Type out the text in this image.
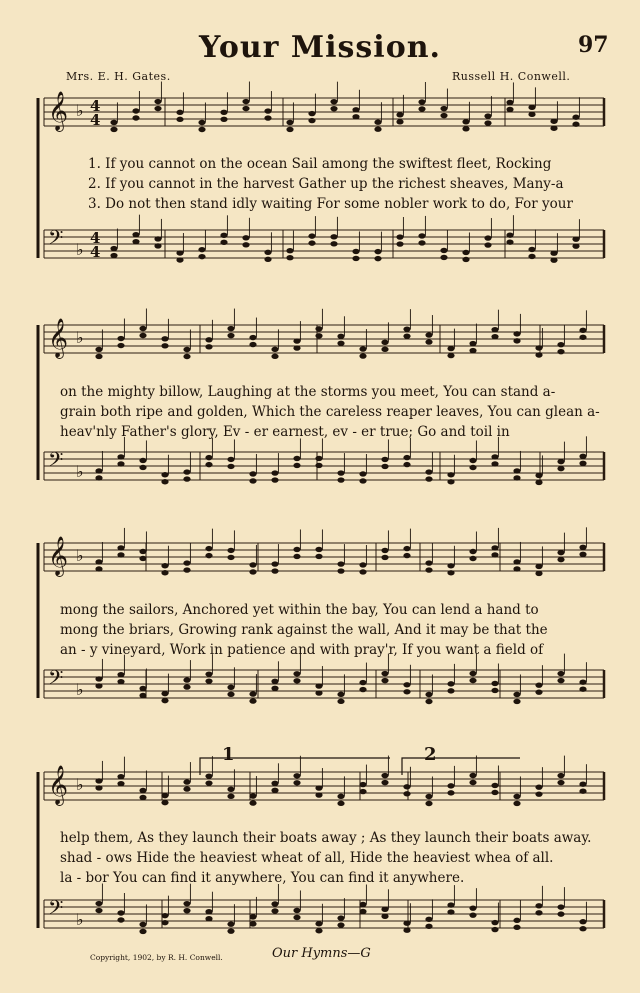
97
Your Mission.
Mrs. E. H. Gates.	Russell H. Conwell.
𝄞 ♭ 4
4
𝄢 ♭
4
4
𝄞 ♭
𝄢 ♭
𝄞 ♭
𝄢 ♭
𝄞 ♭
𝄢 ♭
1. If you cannot on the ocean Sail among the swiftest fleet, Rocking
2. If you cannot in the harvest Gather up the richest sheaves, Many-a
3. Do not then stand idly waiting For some nobler work to do, For your
on the mighty billow, Laughing at the storms you meet, You can stand a-
grain both ripe and golden, Which the careless reaper leaves, You can glean a-
heav'nly Father's glory, Ev - er earnest, ev - er true; Go and toil in
mong the sailors, Anchored yet within the bay, You can lend a hand to
mong the briars, Growing rank against the wall, And it may be that the
an - y vineyard, Work in patience and with pray'r, If you want a field of
1	2
help them, As they launch their boats away ; As they launch their boats away.
shad - ows Hide the heaviest wheat of all, Hide the heaviest whea of all.
la - bor You can find it anywhere, You can find it anywhere.
Copyright, 1902, by R. H. Conwell.	Our Hymns—G
